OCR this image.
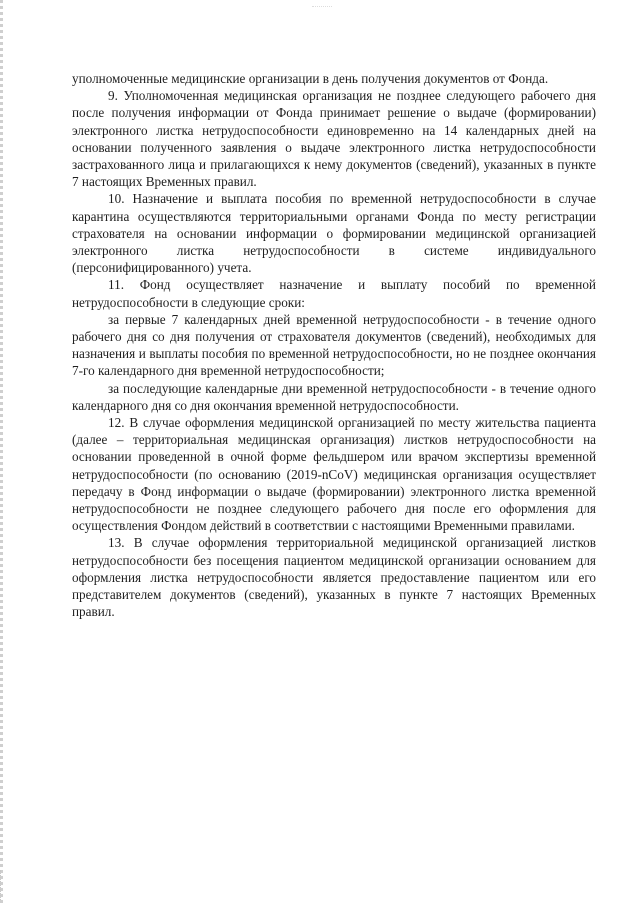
уполномоченные медицинские организации в день получения документов от Фонда.

9. Уполномоченная медицинская организация не позднее следующего рабочего дня после получения информации от Фонда принимает решение о выдаче (формировании) электронного листка нетрудоспособности единовременно на 14 календарных дней на основании полученного заявления о выдаче электронного листка нетрудоспособности застрахованного лица и прилагающихся к нему документов (сведений), указанных в пункте 7 настоящих Временных правил.

10. Назначение и выплата пособия по временной нетрудоспособности в случае карантина осуществляются территориальными органами Фонда по месту регистрации страхователя на основании информации о формировании медицинской организацией электронного листка нетрудоспособности в системе индивидуального (персонифицированного) учета.

11. Фонд осуществляет назначение и выплату пособий по временной нетрудоспособности в следующие сроки:

за первые 7 календарных дней временной нетрудоспособности - в течение одного рабочего дня со дня получения от страхователя документов (сведений), необходимых для назначения и выплаты пособия по временной нетрудоспособности, но не позднее окончания 7-го календарного дня временной нетрудоспособности;

за последующие календарные дни временной нетрудоспособности - в течение одного календарного дня со дня окончания временной нетрудоспособности.

12. В случае оформления медицинской организацией по месту жительства пациента (далее – территориальная медицинская организация) листков нетрудоспособности на основании проведенной в очной форме фельдшером или врачом экспертизы временной нетрудоспособности (по основанию (2019-nCoV) медицинская организация осуществляет передачу в Фонд информации о выдаче (формировании) электронного листка временной нетрудоспособности не позднее следующего рабочего дня после его оформления для осуществления Фондом действий в соответствии с настоящими Временными правилами.

13. В случае оформления территориальной медицинской организацией листков нетрудоспособности без посещения пациентом медицинской организации основанием для оформления листка нетрудоспособности является предоставление пациентом или его представителем документов (сведений), указанных в пункте 7 настоящих Временных правил.
